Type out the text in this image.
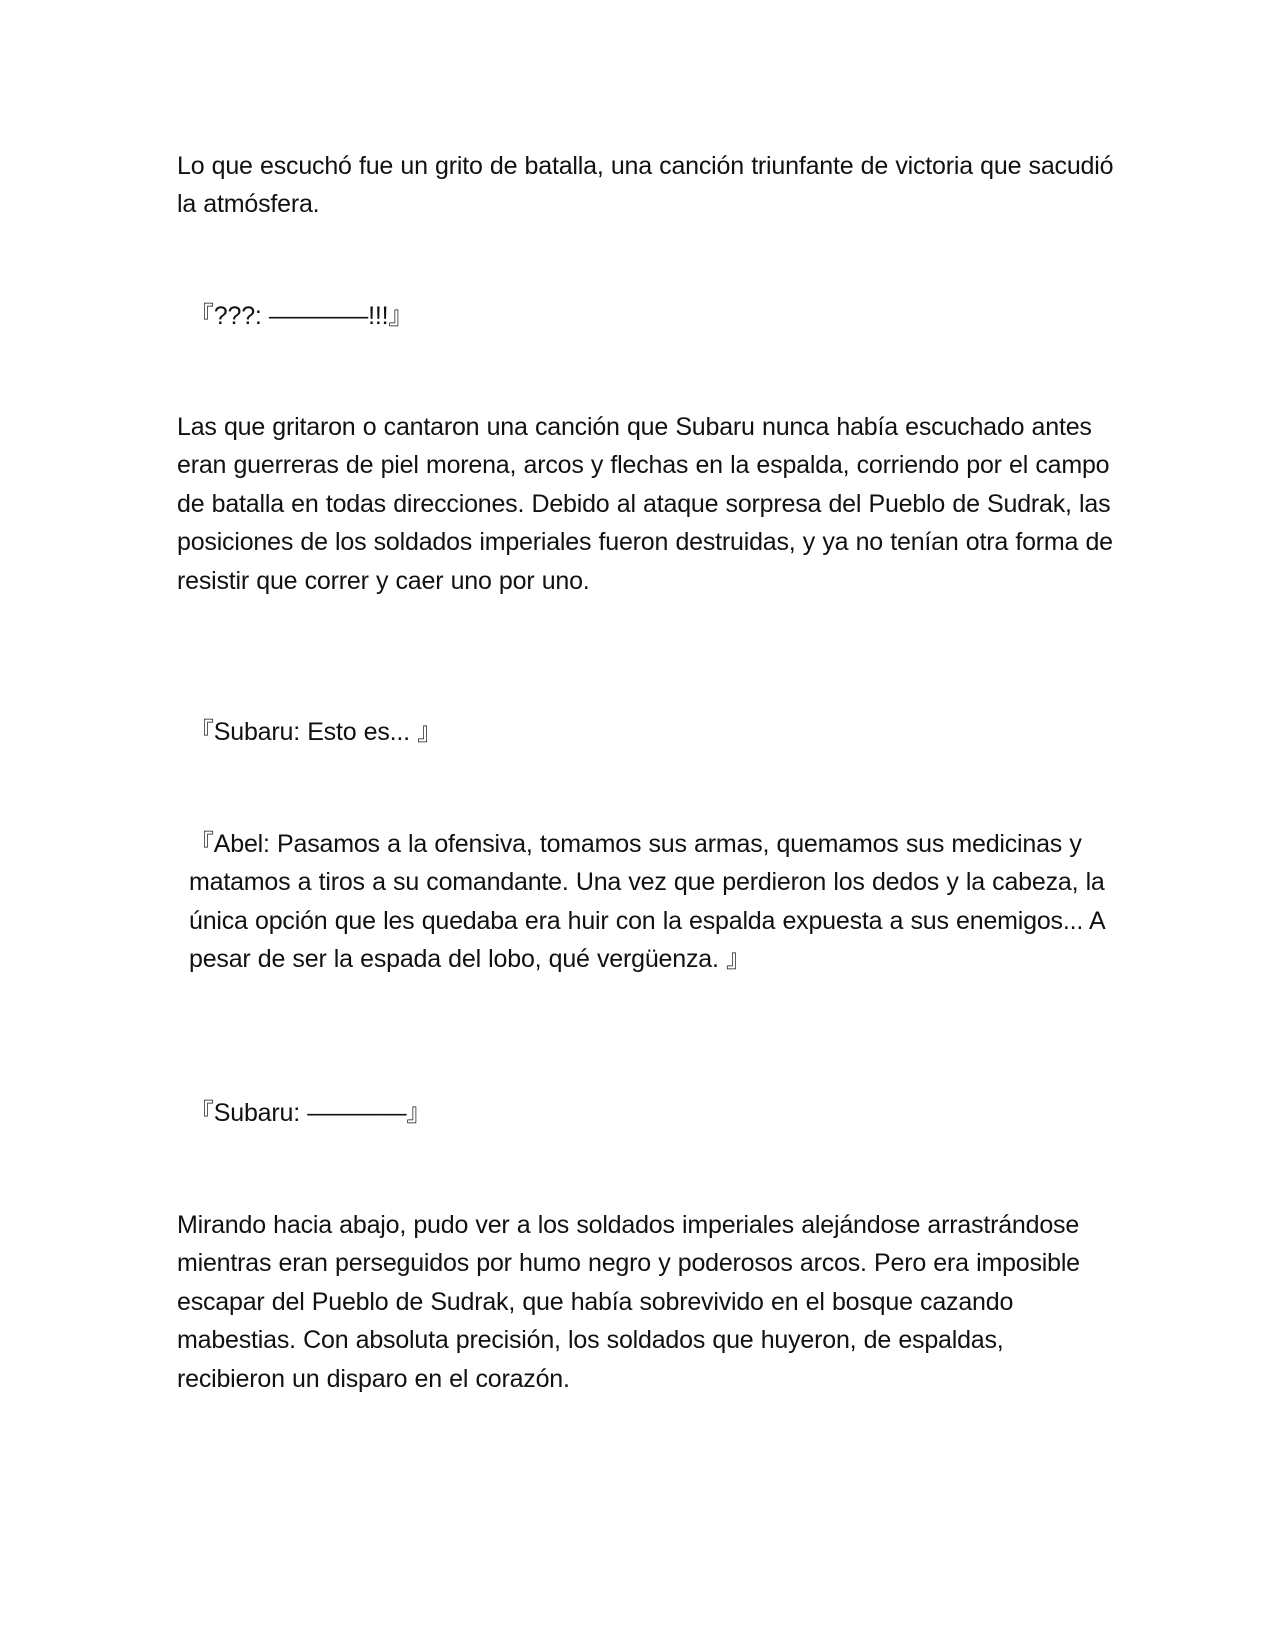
Lo que escuchó fue un grito de batalla, una canción triunfante de victoria que sacudió la atmósfera.

『???: ————!!!』

Las que gritaron o cantaron una canción que Subaru nunca había escuchado antes eran guerreras de piel morena, arcos y flechas en la espalda, corriendo por el campo de batalla en todas direcciones. Debido al ataque sorpresa del Pueblo de Sudrak, las posiciones de los soldados imperiales fueron destruidas, y ya no tenían otra forma de resistir que correr y caer uno por uno.

『Subaru: Esto es... 』

『Abel: Pasamos a la ofensiva, tomamos sus armas, quemamos sus medicinas y matamos a tiros a su comandante. Una vez que perdieron los dedos y la cabeza, la única opción que les quedaba era huir con la espalda expuesta a sus enemigos... A pesar de ser la espada del lobo, qué vergüenza. 』

『Subaru: ————』

Mirando hacia abajo, pudo ver a los soldados imperiales alejándose arrastrándose mientras eran perseguidos por humo negro y poderosos arcos. Pero era imposible escapar del Pueblo de Sudrak, que había sobrevivido en el bosque cazando mabestias. Con absoluta precisión, los soldados que huyeron, de espaldas, recibieron un disparo en el corazón.
